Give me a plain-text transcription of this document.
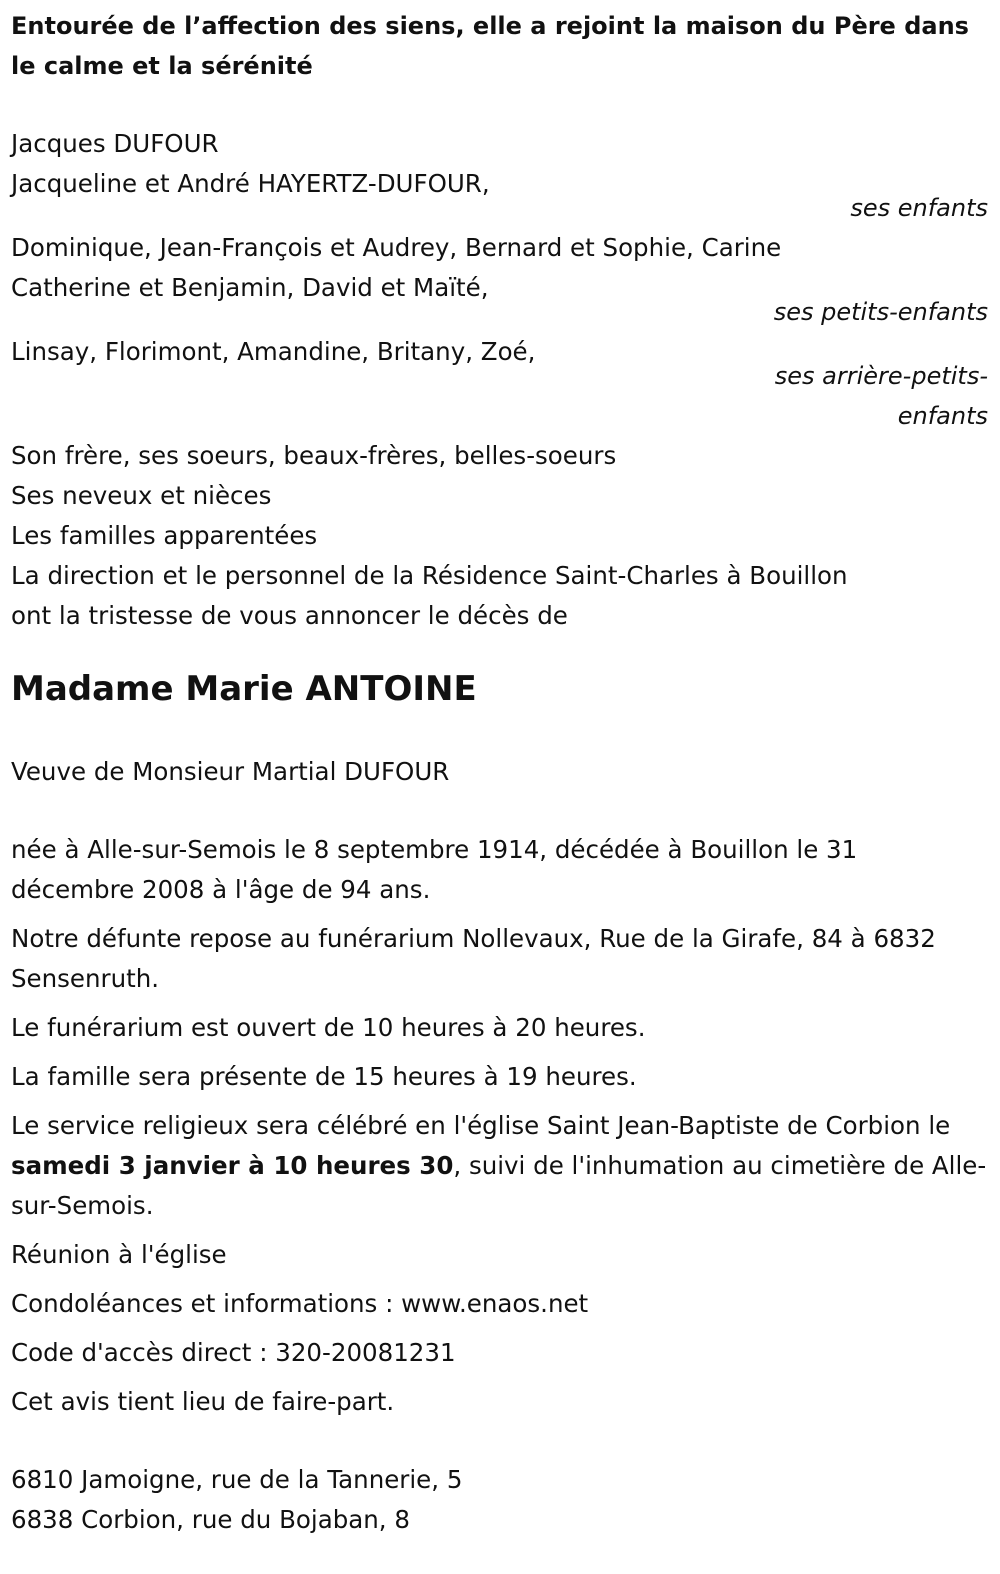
Entourée de l’affection des siens, elle a rejoint la maison du Père dans le calme et la sérénité

Jacques DUFOUR

Jacqueline et André HAYERTZ-DUFOUR,

ses enfants

Dominique, Jean-François et Audrey, Bernard et Sophie, Carine

Catherine et Benjamin, David et Maïté,

ses petits-enfants

Linsay, Florimont, Amandine, Britany, Zoé,

ses arrière-petits-

enfants

Son frère, ses soeurs, beaux-frères, belles-soeurs

Ses neveux et nièces

Les familles apparentées

La direction et le personnel de la Résidence Saint-Charles à Bouillon

ont la tristesse de vous annoncer le décès de

Madame Marie ANTOINE

Veuve de Monsieur Martial DUFOUR

née à Alle-sur-Semois le 8 septembre 1914, décédée à Bouillon le 31 décembre 2008 à l'âge de 94 ans.

Notre défunte repose au funérarium Nollevaux, Rue de la Girafe, 84 à 6832 Sensenruth.

Le funérarium est ouvert de 10 heures à 20 heures.

La famille sera présente de 15 heures à 19 heures.

Le service religieux sera célébré en l'église Saint Jean-Baptiste de Corbion le samedi 3 janvier à 10 heures 30, suivi de l'inhumation au cimetière de Alle-sur-Semois.

Réunion à l'église

Condoléances et informations : www.enaos.net

Code d'accès direct : 320-20081231

Cet avis tient lieu de faire-part.

6810 Jamoigne, rue de la Tannerie, 5

6838 Corbion, rue du Bojaban, 8
